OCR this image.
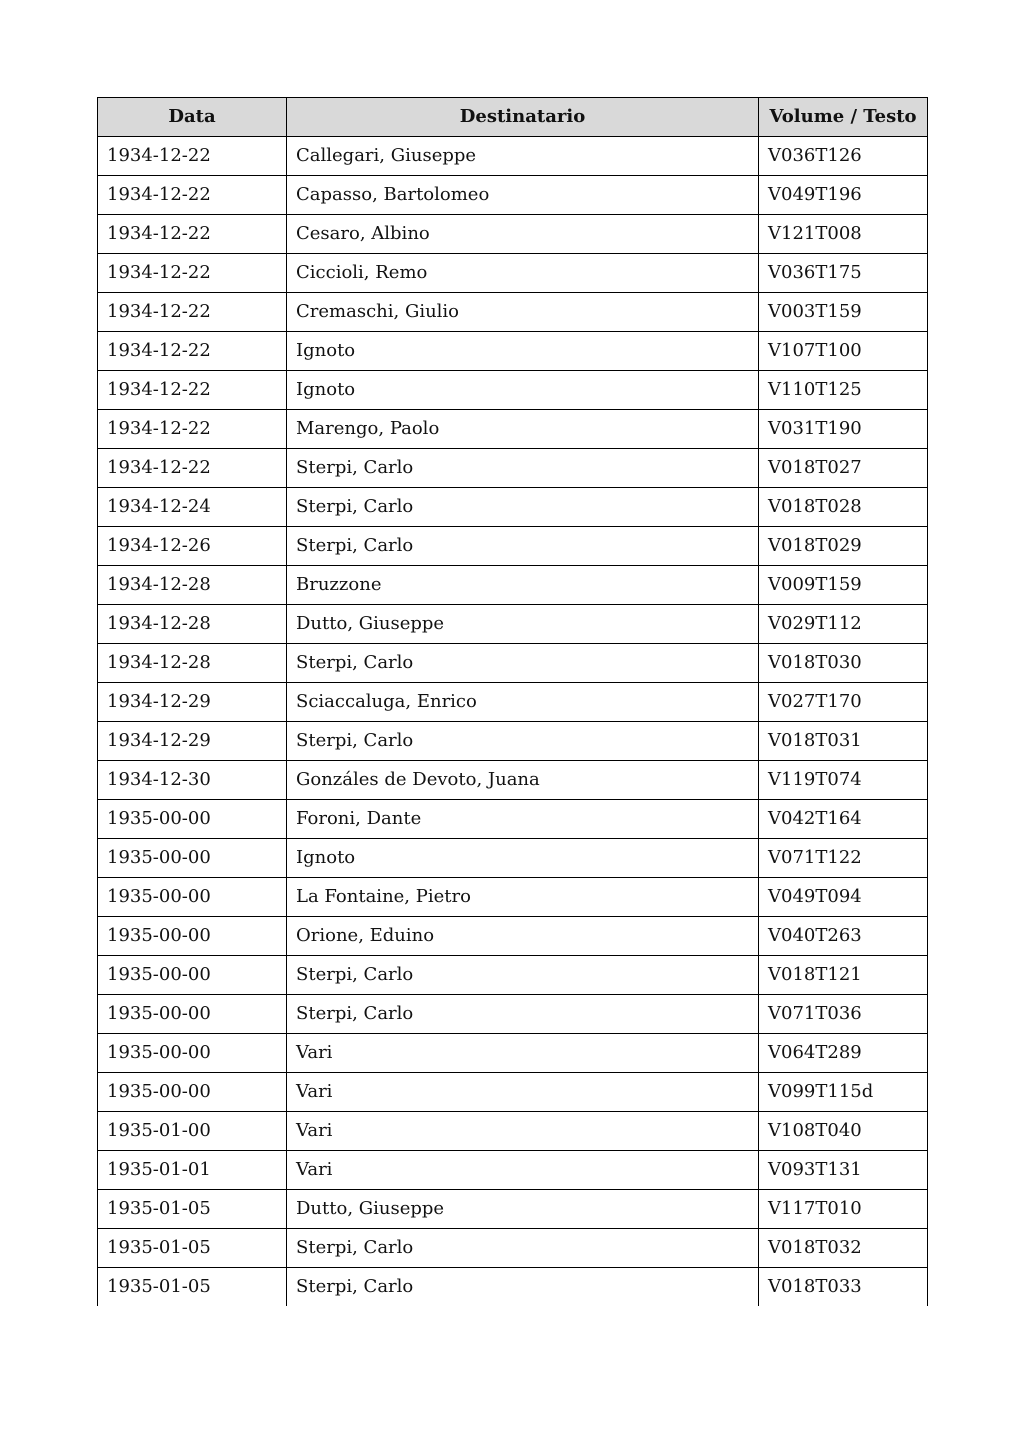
Data	Destinatario	Volume / Testo
1934-12-22	Callegari, Giuseppe	V036T126
1934-12-22	Capasso, Bartolomeo	V049T196
1934-12-22	Cesaro, Albino	V121T008
1934-12-22	Ciccioli, Remo	V036T175
1934-12-22	Cremaschi, Giulio	V003T159
1934-12-22	Ignoto	V107T100
1934-12-22	Ignoto	V110T125
1934-12-22	Marengo, Paolo	V031T190
1934-12-22	Sterpi, Carlo	V018T027
1934-12-24	Sterpi, Carlo	V018T028
1934-12-26	Sterpi, Carlo	V018T029
1934-12-28	Bruzzone	V009T159
1934-12-28	Dutto, Giuseppe	V029T112
1934-12-28	Sterpi, Carlo	V018T030
1934-12-29	Sciaccaluga, Enrico	V027T170
1934-12-29	Sterpi, Carlo	V018T031
1934-12-30	Gonzáles de Devoto, Juana	V119T074
1935-00-00	Foroni, Dante	V042T164
1935-00-00	Ignoto	V071T122
1935-00-00	La Fontaine, Pietro	V049T094
1935-00-00	Orione, Eduino	V040T263
1935-00-00	Sterpi, Carlo	V018T121
1935-00-00	Sterpi, Carlo	V071T036
1935-00-00	Vari	V064T289
1935-00-00	Vari	V099T115d
1935-01-00	Vari	V108T040
1935-01-01	Vari	V093T131
1935-01-05	Dutto, Giuseppe	V117T010
1935-01-05	Sterpi, Carlo	V018T032
1935-01-05	Sterpi, Carlo	V018T033
